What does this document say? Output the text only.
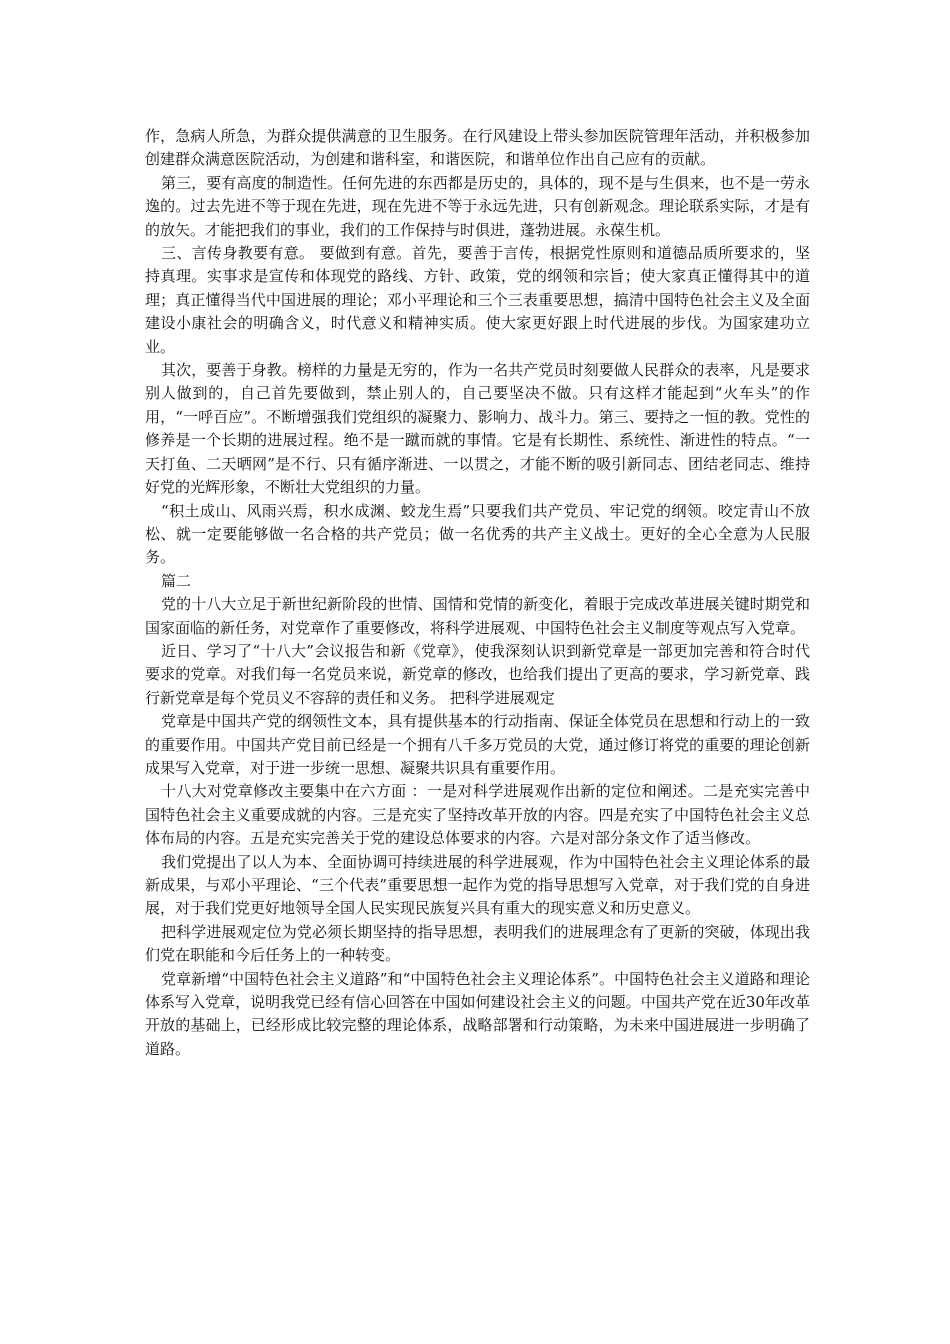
作，急病人所急，为群众提供满意的卫生服务。在行风建设上带头参加医院管理年活动，并积极参加创建群众满意医院活动，为创建和谐科室，和谐医院，和谐单位作出自己应有的贡献。

第三，要有高度的制造性。任何先进的东西都是历史的，具体的，现不是与生俱来，也不是一劳永逸的。过去先进不等于现在先进，现在先进不等于永远先进，只有创新观念。理论联系实际，才是有的放矢。才能把我们的事业，我们的工作保持与时俱进，蓬勃进展。永葆生机。

三、言传身教要有意。 要做到有意。首先，要善于言传，根据党性原则和道德品质所要求的，坚持真理。实事求是宣传和体现党的路线、方针、政策，党的纲领和宗旨；使大家真正懂得其中的道理；真正懂得当代中国进展的理论；邓小平理论和三个三表重要思想，搞清中国特色社会主义及全面建设小康社会的明确含义，时代意义和精神实质。使大家更好跟上时代进展的步伐。为国家建功立业。

其次，要善于身教。榜样的力量是无穷的，作为一名共产党员时刻要做人民群众的表率，凡是要求别人做到的，自己首先要做到，禁止别人的，自己要坚决不做。只有这样才能起到“火车头”的作用，“一呼百应”。不断增强我们党组织的凝聚力、影响力、战斗力。第三、要持之一恒的教。党性的修养是一个长期的进展过程。绝不是一蹴而就的事情。它是有长期性、系统性、渐进性的特点。“一天打鱼、二天晒网”是不行、只有循序渐进、一以贯之，才能不断的吸引新同志、团结老同志、维持好党的光辉形象，不断壮大党组织的力量。

“积土成山、风雨兴焉，积水成渊、蛟龙生焉”只要我们共产党员、牢记党的纲领。咬定青山不放松、就一定要能够做一名合格的共产党员；做一名优秀的共产主义战士。更好的全心全意为人民服务。

篇二

党的十八大立足于新世纪新阶段的世情、国情和党情的新变化，着眼于完成改革进展关键时期党和国家面临的新任务，对党章作了重要修改，将科学进展观、中国特色社会主义制度等观点写入党章。

近日、学习了“十八大”会议报告和新《党章》，使我深刻认识到新党章是一部更加完善和符合时代要求的党章。对我们每一名党员来说，新党章的修改，也给我们提出了更高的要求，学习新党章、践行新党章是每个党员义不容辞的责任和义务。 把科学进展观定

党章是中国共产党的纲领性文本，具有提供基本的行动指南、保证全体党员在思想和行动上的一致的重要作用。中国共产党目前已经是一个拥有八千多万党员的大党，通过修订将党的重要的理论创新成果写入党章，对于进一步统一思想、凝聚共识具有重要作用。

十八大对党章修改主要集中在六方面 ：一是对科学进展观作出新的定位和阐述。二是充实完善中国特色社会主义重要成就的内容。三是充实了坚持改革开放的内容。四是充实了中国特色社会主义总体布局的内容。五是充实完善关于党的建设总体要求的内容。六是对部分条文作了适当修改。

我们党提出了以人为本、全面协调可持续进展的科学进展观，作为中国特色社会主义理论体系的最新成果，与邓小平理论、“三个代表”重要思想一起作为党的指导思想写入党章，对于我们党的自身进展，对于我们党更好地领导全国人民实现民族复兴具有重大的现实意义和历史意义。

把科学进展观定位为党必须长期坚持的指导思想，表明我们的进展理念有了更新的突破，体现出我们党在职能和今后任务上的一种转变。

党章新增“中国特色社会主义道路”和“中国特色社会主义理论体系”。中国特色社会主义道路和理论体系写入党章，说明我党已经有信心回答在中国如何建设社会主义的问题。中国共产党在近30年改革开放的基础上，已经形成比较完整的理论体系，战略部署和行动策略，为未来中国进展进一步明确了道路。
